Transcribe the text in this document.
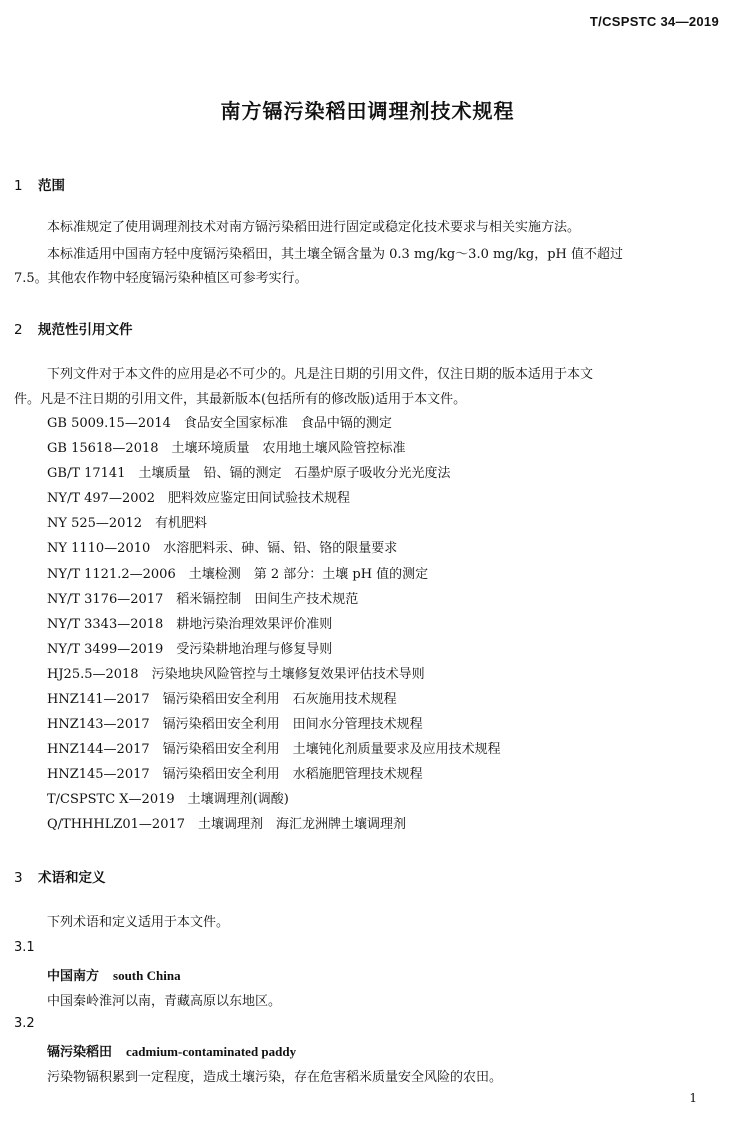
T/CSPSTC 34—2019
南方镉污染稻田调理剂技术规程
1 范围
本标准规定了使用调理剂技术对南方镉污染稻田进行固定或稳定化技术要求与相关实施方法。
本标准适用中国南方轻中度镉污染稻田，其土壤全镉含量为 0.3 mg/kg～3.0 mg/kg，pH 值不超过
7.5。其他农作物中轻度镉污染种植区可参考实行。
2 规范性引用文件
下列文件对于本文件的应用是必不可少的。凡是注日期的引用文件，仅注日期的版本适用于本文
件。凡是不注日期的引用文件，其最新版本(包括所有的修改版)适用于本文件。
GB 5009.15—2014　食品安全国家标准　食品中镉的测定
GB 15618—2018　土壤环境质量　农用地土壤风险管控标准
GB/T 17141　土壤质量　铅、镉的测定　石墨炉原子吸收分光光度法
NY/T 497—2002　肥料效应鉴定田间试验技术规程
NY 525—2012　有机肥料
NY 1110—2010　水溶肥料汞、砷、镉、铅、铬的限量要求
NY/T 1121.2—2006　土壤检测　第 2 部分：土壤 pH 值的测定
NY/T 3176—2017　稻米镉控制　田间生产技术规范
NY/T 3343—2018　耕地污染治理效果评价准则
NY/T 3499—2019　受污染耕地治理与修复导则
HJ25.5—2018　污染地块风险管控与土壤修复效果评估技术导则
HNZ141—2017　镉污染稻田安全利用　石灰施用技术规程
HNZ143—2017　镉污染稻田安全利用　田间水分管理技术规程
HNZ144—2017　镉污染稻田安全利用　土壤钝化剂质量要求及应用技术规程
HNZ145—2017　镉污染稻田安全利用　水稻施肥管理技术规程
T/CSPSTC X—2019　土壤调理剂(调酸)
Q/THHHLZ01—2017　土壤调理剂　海汇龙洲牌土壤调理剂
3 术语和定义
下列术语和定义适用于本文件。
3.1
中国南方 south China
中国秦岭淮河以南，青藏高原以东地区。
3.2
镉污染稻田 cadmium-contaminated paddy
污染物镉积累到一定程度，造成土壤污染，存在危害稻米质量安全风险的农田。
1
